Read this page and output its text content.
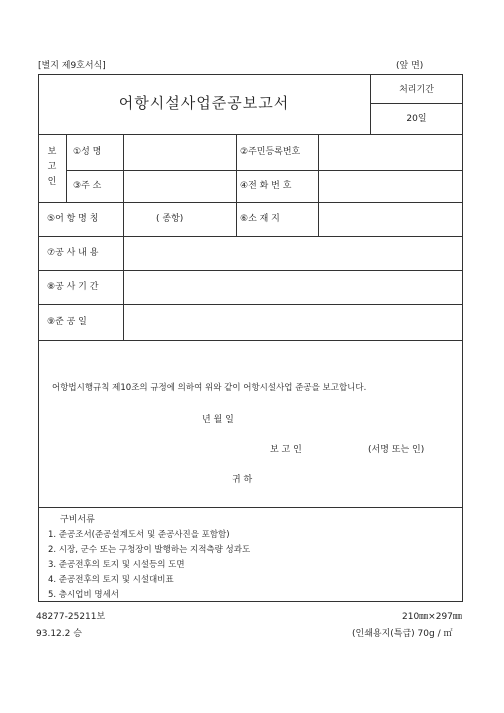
[별지 제9호서식]	(앞 면)
어항시설사업준공보고서
처리기간
20일
보
고
인
①성 명	②주민등록번호
③주 소	④전 화 번 호
⑤어 항 명 칭	( 종항)	⑥소 재 지
⑦공 사 내 용
⑧공 사 기 간
⑨준 공 일
어항법시행규칙 제10조의 규정에 의하여 위와 같이 어항시설사업 준공을 보고합니다.
년 월 일
보 고 인	(서명 또는 인)
귀 하
구비서류
1. 준공조서(준공설계도서 및 준공사진을 포함함)
2. 시장, 군수 또는 구청장이 발행하는 지적측량 성과도
3. 준공전후의 토지 및 시설등의 도면
4. 준공전후의 토지 및 시설대비표
5. 층시업비 명세서
48277-25211보
93.12.2 승
210㎜×297㎜
(인쇄용지(특급) 70g / ㎡
